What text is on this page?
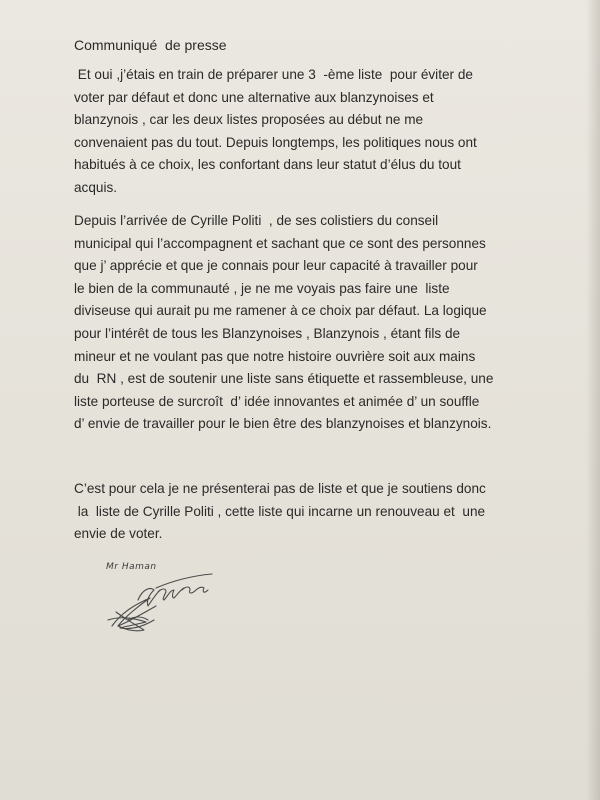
Communiqué  de presse
Et oui ,j’étais en train de préparer une 3  -ème liste  pour éviter de
voter par défaut et donc une alternative aux blanzynoises et
blanzynois , car les deux listes proposées au début ne me
convenaient pas du tout. Depuis longtemps, les politiques nous ont
habitués à ce choix, les confortant dans leur statut d’élus du tout
acquis.
Depuis l’arrivée de Cyrille Politi  , de ses colistiers du conseil
municipal qui l’accompagnent et sachant que ce sont des personnes
que j’ apprécie et que je connais pour leur capacité à travailler pour
le bien de la communauté , je ne me voyais pas faire une  liste
diviseuse qui aurait pu me ramener à ce choix par défaut. La logique
pour l’intérêt de tous les Blanzynoises , Blanzynois , étant fils de
mineur et ne voulant pas que notre histoire ouvrière soit aux mains
du  RN , est de soutenir une liste sans étiquette et rassembleuse, une
liste porteuse de surcroît  d’ idée innovantes et animée d’ un souffle
d’ envie de travailler pour le bien être des blanzynoises et blanzynois.
C’est pour cela je ne présenterai pas de liste et que je soutiens donc
la  liste de Cyrille Politi , cette liste qui incarne un renouveau et  une
envie de voter.
Mr Haman
